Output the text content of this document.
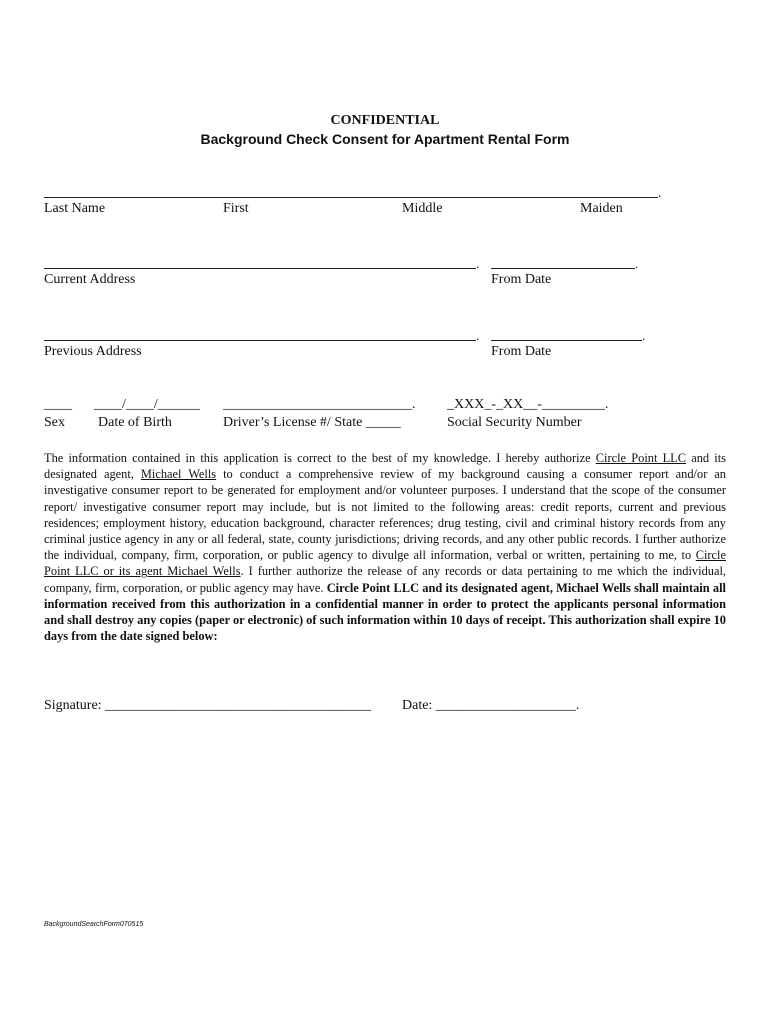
CONFIDENTIAL
Background Check Consent for Apartment Rental Form
.
Last Name	First	Middle	Maiden
.	.
Current Address	From Date
.	.
Previous Address	From Date
____ ____/____/______ ___________________________. _XXX_-_XX__-_________.
Sex Date of Birth	Driver’s License #/ State _____	Social Security Number
The information contained in this application is correct to the best of my knowledge. I hereby authorize Circle Point LLC and its designated agent, Michael Wells to conduct a comprehensive review of my background causing a consumer report and/or an investigative consumer report to be generated for employment and/or volunteer purposes. I understand that the scope of the consumer report/ investigative consumer report may include, but is not limited to the following areas: credit reports, current and previous residences; employment history, education background, character references; drug testing, civil and criminal history records from any criminal justice agency in any or all federal, state, county jurisdictions; driving records, and any other public records. I further authorize the individual, company, firm, corporation, or public agency to divulge all information, verbal or written, pertaining to me, to Circle Point LLC or its agent Michael Wells. I further authorize the release of any records or data pertaining to me which the individual, company, firm, corporation, or public agency may have. Circle Point LLC and its designated agent, Michael Wells shall maintain all information received from this authorization in a confidential manner in order to protect the applicants personal information and shall destroy any copies (paper or electronic) of such information within 10 days of receipt. This authorization shall expire 10 days from the date signed below:
Signature: ______________________________________ Date: ____________________.
BackgroundSearchForm070515
